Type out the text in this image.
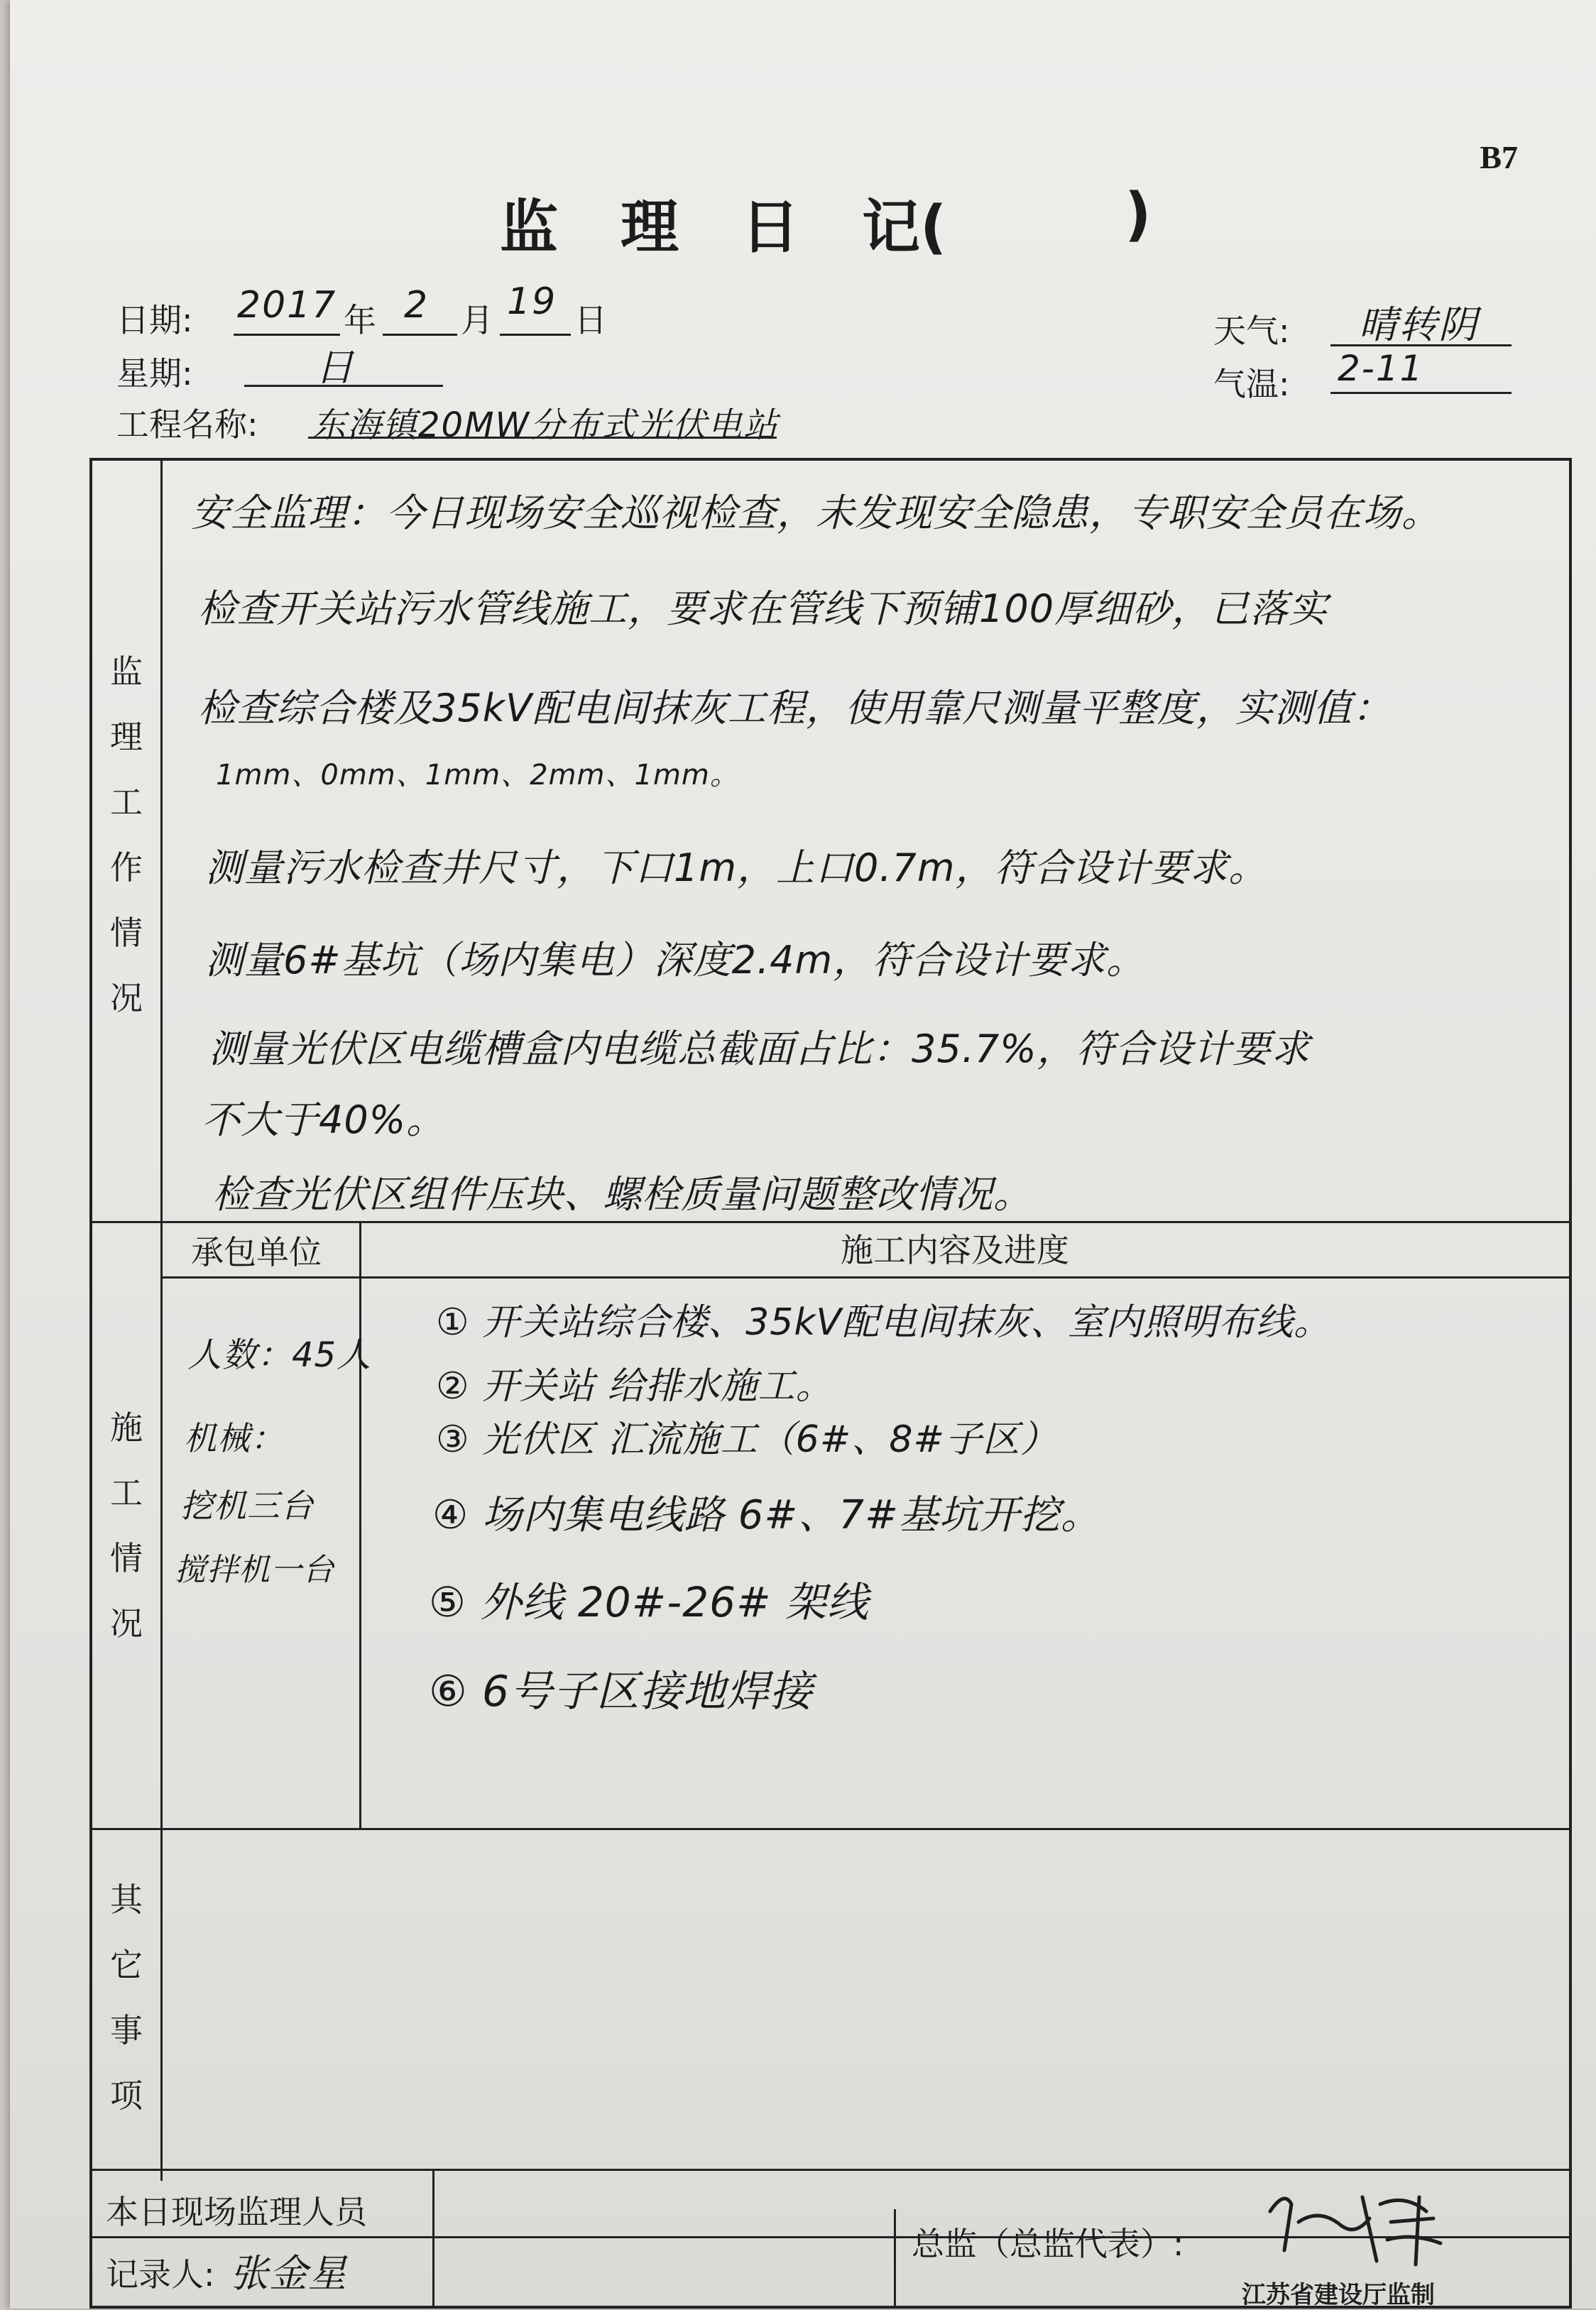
B7
监 理 日 记(	)
日期: 2017 年 2 月 19 日
星期:	日
工程名称: 东海镇20MW分布式光伏电站
天气: 晴转阴
气温: 2-11
监
理
工
作
情
况
安全监理：今日现场安全巡视检查，未发现安全隐患，专职安全员在场。
检查开关站污水管线施工，要求在管线下预铺100厚细砂，已落实
检查综合楼及35kV配电间抹灰工程，使用靠尺测量平整度，实测值：
1mm、0mm、1mm、2mm、1mm。
测量污水检查井尺寸，下口1m，上口0.7m，符合设计要求。
测量6#基坑（场内集电）深度2.4m，符合设计要求。
测量光伏区电缆槽盒内电缆总截面占比：35.7%，符合设计要求
不大于40%。
检查光伏区组件压块、螺栓质量问题整改情况。
施
工
情
况
承包单位	施工内容及进度
人数：45人
机械：
挖机三台
搅拌机一台
① 开关站综合楼、35kV配电间抹灰、室内照明布线。
② 开关站 给排水施工。
③ 光伏区 汇流施工（6#、8#子区）
④ 场内集电线路 6#、7#基坑开挖。
⑤ 外线 20#-26# 架线
⑥ 6号子区接地焊接
其
它
事
项
本日现场监理人员
记录人: 张金星
总监（总监代表）:
江苏省建设厅监制
